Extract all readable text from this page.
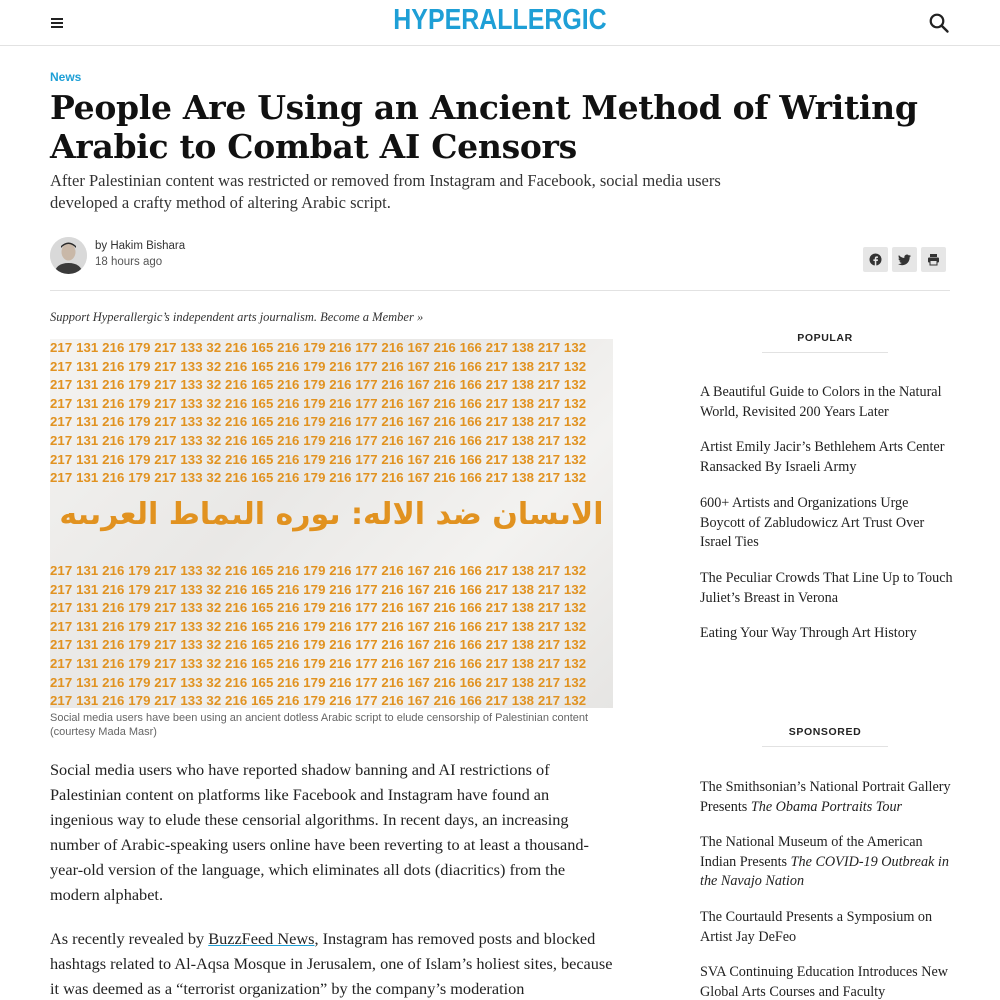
HYPERALLERGIC
News
People Are Using an Ancient Method of Writing Arabic to Combat AI Censors
After Palestinian content was restricted or removed from Instagram and Facebook, social media users developed a crafty method of altering Arabic script.
by Hakim Bishara
18 hours ago
Support Hyperallergic’s independent arts journalism. Become a Member »
217 131 216 179 217 133 32 216 165 216 179 216 177 216 167 216 166 217 138 217 132
217 131 216 179 217 133 32 216 165 216 179 216 177 216 167 216 166 217 138 217 132
217 131 216 179 217 133 32 216 165 216 179 216 177 216 167 216 166 217 138 217 132
217 131 216 179 217 133 32 216 165 216 179 216 177 216 167 216 166 217 138 217 132
217 131 216 179 217 133 32 216 165 216 179 216 177 216 167 216 166 217 138 217 132
217 131 216 179 217 133 32 216 165 216 179 216 177 216 167 216 166 217 138 217 132
217 131 216 179 217 133 32 216 165 216 179 216 177 216 167 216 166 217 138 217 132
217 131 216 179 217 133 32 216 165 216 179 216 177 216 167 216 166 217 138 217 132
الاىسان ضد الاله: ىوره الىماط العرىىه
217 131 216 179 217 133 32 216 165 216 179 216 177 216 167 216 166 217 138 217 132
217 131 216 179 217 133 32 216 165 216 179 216 177 216 167 216 166 217 138 217 132
217 131 216 179 217 133 32 216 165 216 179 216 177 216 167 216 166 217 138 217 132
217 131 216 179 217 133 32 216 165 216 179 216 177 216 167 216 166 217 138 217 132
217 131 216 179 217 133 32 216 165 216 179 216 177 216 167 216 166 217 138 217 132
217 131 216 179 217 133 32 216 165 216 179 216 177 216 167 216 166 217 138 217 132
217 131 216 179 217 133 32 216 165 216 179 216 177 216 167 216 166 217 138 217 132
217 131 216 179 217 133 32 216 165 216 179 216 177 216 167 216 166 217 138 217 132
Social media users have been using an ancient dotless Arabic script to elude censorship of Palestinian content (courtesy Mada Masr)

Social media users who have reported shadow banning and AI restrictions of Palestinian content on platforms like Facebook and Instagram have found an ingenious way to elude these censorial algorithms. In recent days, an increasing number of Arabic-speaking users online have been reverting to at least a thousand-year-old version of the language, which eliminates all dots (diacritics) from the modern alphabet.

As recently revealed by BuzzFeed News, Instagram has removed posts and blocked hashtags related to Al-Aqsa Mosque in Jerusalem, one of Islam’s holiest sites, because it was deemed as a “terrorist organization” by the company’s moderation

POPULAR
A Beautiful Guide to Colors in the Natural World, Revisited 200 Years Later
Artist Emily Jacir’s Bethlehem Arts Center Ransacked By Israeli Army
600+ Artists and Organizations Urge Boycott of Zabludowicz Art Trust Over Israel Ties
The Peculiar Crowds That Line Up to Touch Juliet’s Breast in Verona
Eating Your Way Through Art History
SPONSORED
The Smithsonian’s National Portrait Gallery Presents The Obama Portraits Tour
The National Museum of the American Indian Presents The COVID-19 Outbreak in the Navajo Nation
The Courtauld Presents a Symposium on Artist Jay DeFeo
SVA Continuing Education Introduces New Global Arts Courses and Faculty
